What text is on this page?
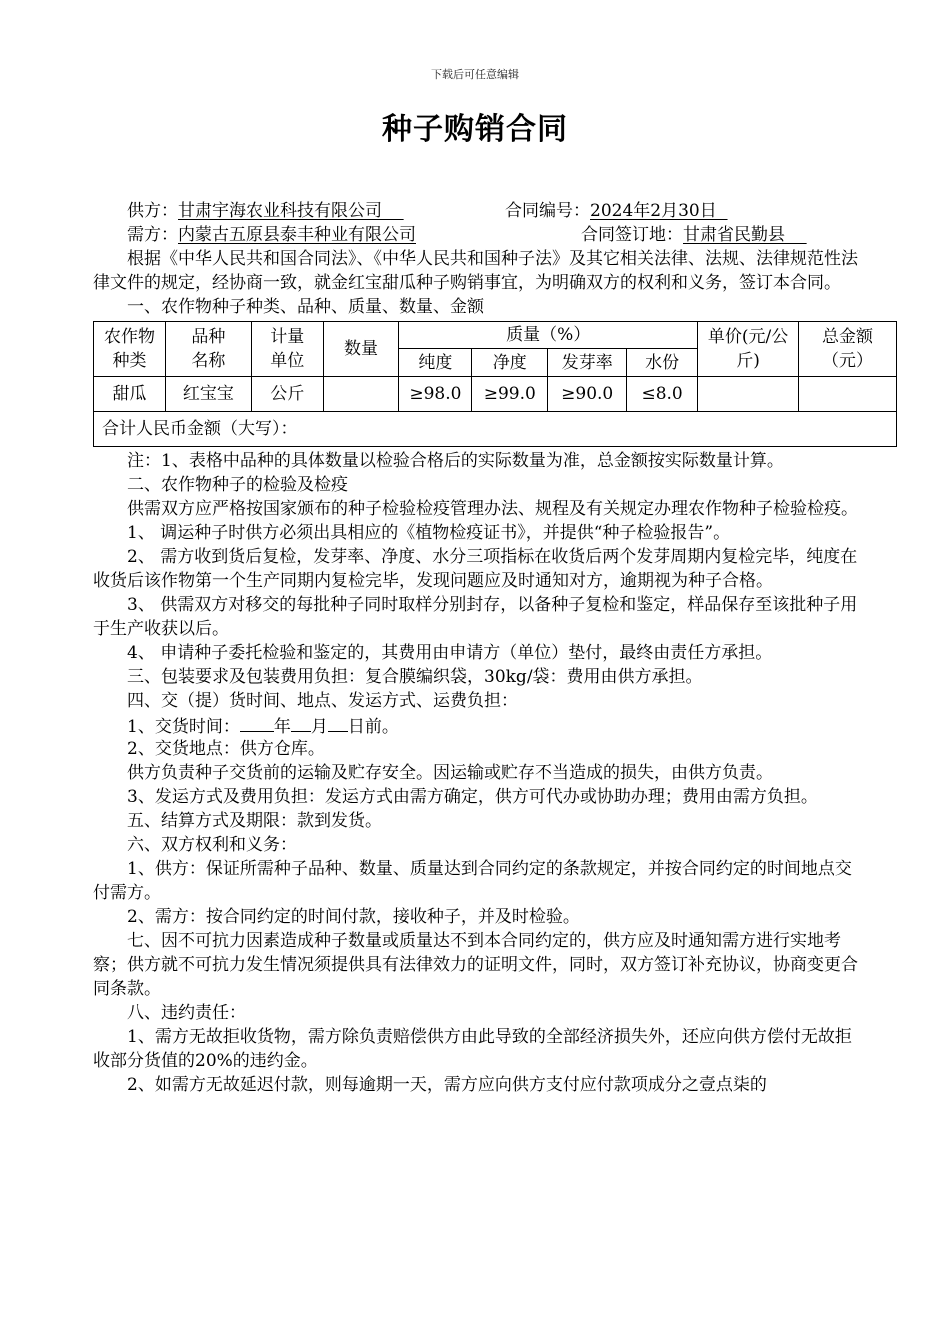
下载后可任意编辑
种子购销合同
供方：甘肃宇海农业科技有限公司	合同编号：2024年2月30日
需方：内蒙古五原县泰丰种业有限公司	合同签订地：甘肃省民勤县
根据《中华人民共和国合同法》、《中华人民共和国种子法》及其它相关法律、法规、法律规范性法律文件的规定，经协商一致，就金红宝甜瓜种子购销事宜，为明确双方的权利和义务，签订本合同。
一、农作物种子种类、品种、质量、数量、金额
农作物种类	品种名称	计量单位	数量	质量（%）				单价(元/公斤)	总金额（元）

				纯度	净度	发芽率	水份		
甜瓜	红宝宝	公斤		≥98.0	≥99.0	≥90.0	≤8.0		
合计人民币金额（大写）：									
注：1、表格中品种的具体数量以检验合格后的实际数量为准，总金额按实际数量计算。
二、农作物种子的检验及检疫
供需双方应严格按国家颁布的种子检验检疫管理办法、规程及有关规定办理农作物种子检验检疫。
1、 调运种子时供方必须出具相应的《植物检疫证书》，并提供“种子检验报告”。
2、 需方收到货后复检，发芽率、净度、水分三项指标在收货后两个发芽周期内复检完毕，纯度在收货后该作物第一个生产同期内复检完毕，发现问题应及时通知对方，逾期视为种子合格。
3、 供需双方对移交的每批种子同时取样分别封存，以备种子复检和鉴定，样品保存至该批种子用于生产收获以后。
4、 申请种子委托检验和鉴定的，其费用由申请方（单位）垫付，最终由责任方承担。
三、包装要求及包装费用负担：复合膜编织袋，30kg/袋：费用由供方承担。
四、交（提）货时间、地点、发运方式、运费负担：
1、交货时间： 年 月 日前。
2、交货地点：供方仓库。
供方负责种子交货前的运输及贮存安全。因运输或贮存不当造成的损失，由供方负责。
3、发运方式及费用负担：发运方式由需方确定，供方可代办或协助办理；费用由需方负担。
五、结算方式及期限：款到发货。
六、双方权利和义务：
1、供方：保证所需种子品种、数量、质量达到合同约定的条款规定，并按合同约定的时间地点交付需方。
2、需方：按合同约定的时间付款，接收种子，并及时检验。
七、因不可抗力因素造成种子数量或质量达不到本合同约定的，供方应及时通知需方进行实地考察；供方就不可抗力发生情况须提供具有法律效力的证明文件，同时，双方签订补充协议，协商变更合同条款。
八、违约责任：
1、需方无故拒收货物，需方除负责赔偿供方由此导致的全部经济损失外，还应向供方偿付无故拒收部分货值的20%的违约金。
2、如需方无故延迟付款，则每逾期一天，需方应向供方支付应付款项成分之壹点柒的
